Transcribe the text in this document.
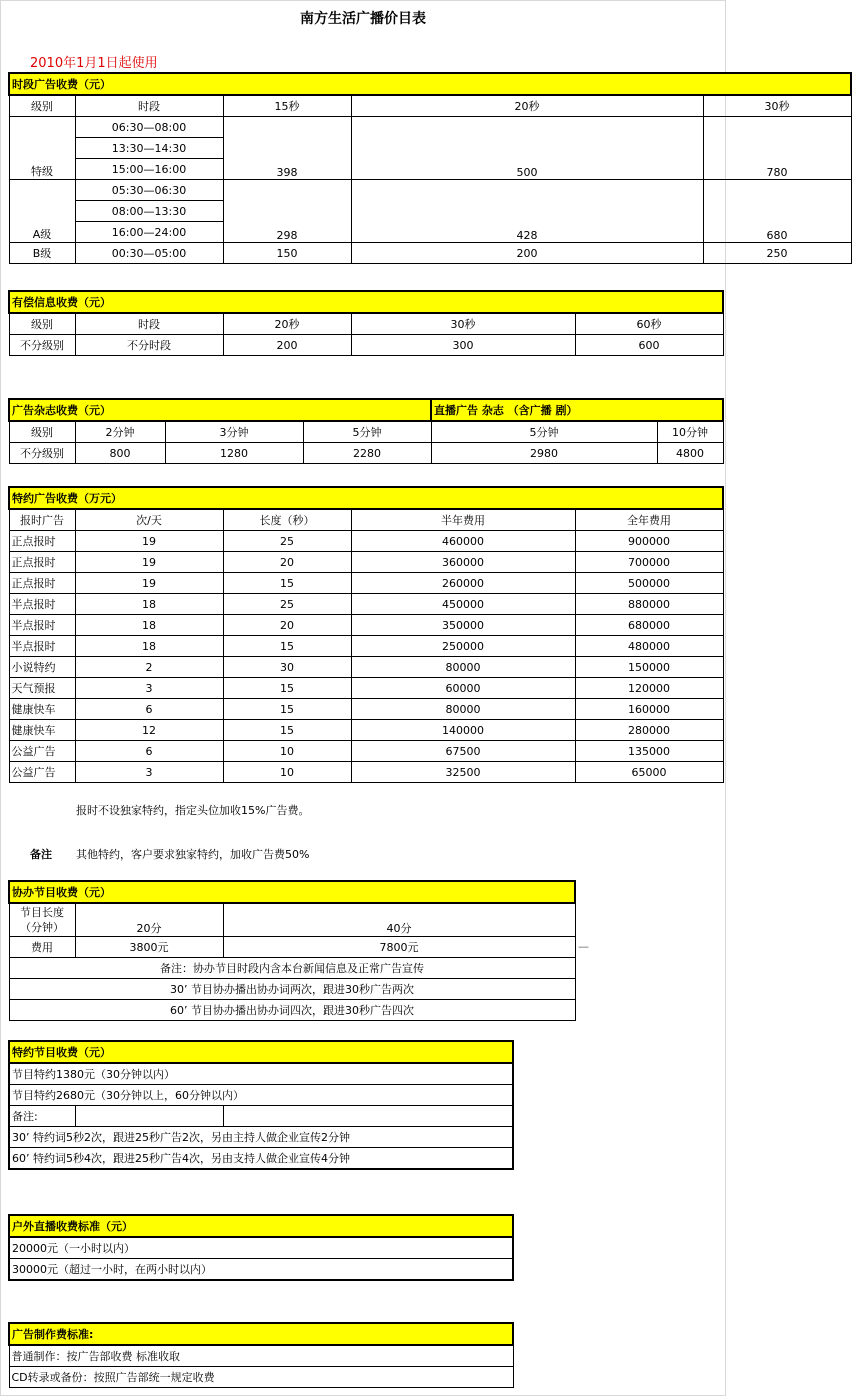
南方生活广播价目表
2010年1月1日起使用
时段广告收费（元）				
级别	时段	15秒	20秒	30秒
特级	06:30—08:00	398	500	780
	13:30—14:30			
	15:00—16:00			
A级	05:30—06:30	298	428	680
	08:00—13:30			
	16:00—24:00			
B级	00:30—05:00	150	200	250
有偿信息收费（元）				
级别	时段	20秒	30秒	60秒
不分级别	不分时段	200	300	600
广告杂志收费（元）				直播广告 杂志 （含广播 剧）	
级别	2分钟	3分钟	5分钟	5分钟	10分钟
不分级别	800	1280	2280	2980	4800
特约广告收费（万元）				
报时广告	次/天	长度（秒）	半年费用	全年费用
正点报时	19	25	460000	900000
正点报时	19	20	360000	700000
正点报时	19	15	260000	500000
半点报时	18	25	450000	880000
半点报时	18	20	350000	680000
半点报时	18	15	250000	480000
小说特约	2	30	80000	150000
天气预报	3	15	60000	120000
健康快车	6	15	80000	160000
健康快车	12	15	140000	280000
公益广告	6	10	67500	135000
公益广告	3	10	32500	65000
报时不设独家特约，指定头位加收15%广告费。
备注 其他特约，客户要求独家特约，加收广告费50%
协办节目收费（元）		
节目长度（分钟）	20分	40分
费用	3800元	7800元
备注：协办节目时段内含本台新闻信息及正常广告宣传		
30’ 节目协办播出协办词两次，跟进30秒广告两次		
60’ 节目协办播出协办词四次，跟进30秒广告四次		
—
特约节目收费（元）
节目特约1380元（30分钟以内）
节目特约2680元（30分钟以上，60分钟以内）
备注:		
30’ 特约词5秒2次，跟进25秒广告2次，另由主持人做企业宣传2分钟
60’ 特约词5秒4次，跟进25秒广告4次，另由支持人做企业宣传4分钟
户外直播收费标准（元）
20000元（一小时以内）
30000元（超过一小时，在两小时以内）
广告制作费标准:
普通制作：按广告部收费 标准收取
CD转录或备份：按照广告部统一规定收费
